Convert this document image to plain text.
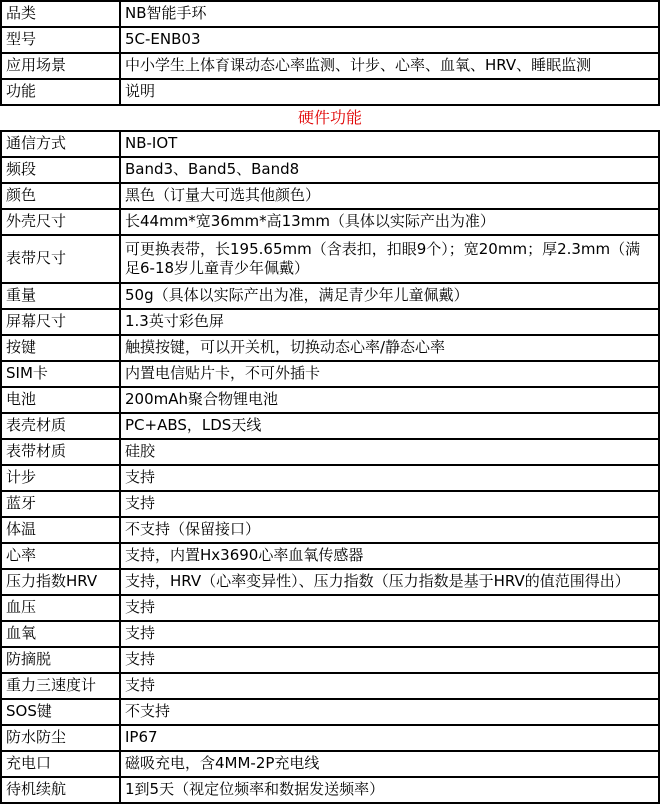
品类	NB智能手环
型号	5C-ENB03
应用场景	中小学生上体育课动态心率监测、计步、心率、血氧、HRV、睡眠监测
功能	说明
硬件功能	
通信方式	NB-IOT
频段	Band3、Band5、Band8
颜色	黑色（订量大可选其他颜色）
外壳尺寸	长44mm*宽36mm*高13mm（具体以实际产出为准）
表带尺寸	可更换表带，长195.65mm（含表扣，扣眼9个）；宽20mm；厚2.3mm（满足6-18岁儿童青少年佩戴）
重量	50g（具体以实际产出为准，满足青少年儿童佩戴）
屏幕尺寸	1.3英寸彩色屏
按键	触摸按键，可以开关机，切换动态心率/静态心率
SIM卡	内置电信贴片卡，不可外插卡
电池	200mAh聚合物锂电池
表壳材质	PC+ABS，LDS天线
表带材质	硅胶
计步	支持
蓝牙	支持
体温	不支持（保留接口）
心率	支持，内置Hx3690心率血氧传感器
压力指数HRV	支持，HRV（心率变异性）、压力指数（压力指数是基于HRV的值范围得出）
血压	支持
血氧	支持
防摘脱	支持
重力三速度计	支持
SOS键	不支持
防水防尘	IP67
充电口	磁吸充电，含4MM-2P充电线
待机续航	1到5天（视定位频率和数据发送频率）
